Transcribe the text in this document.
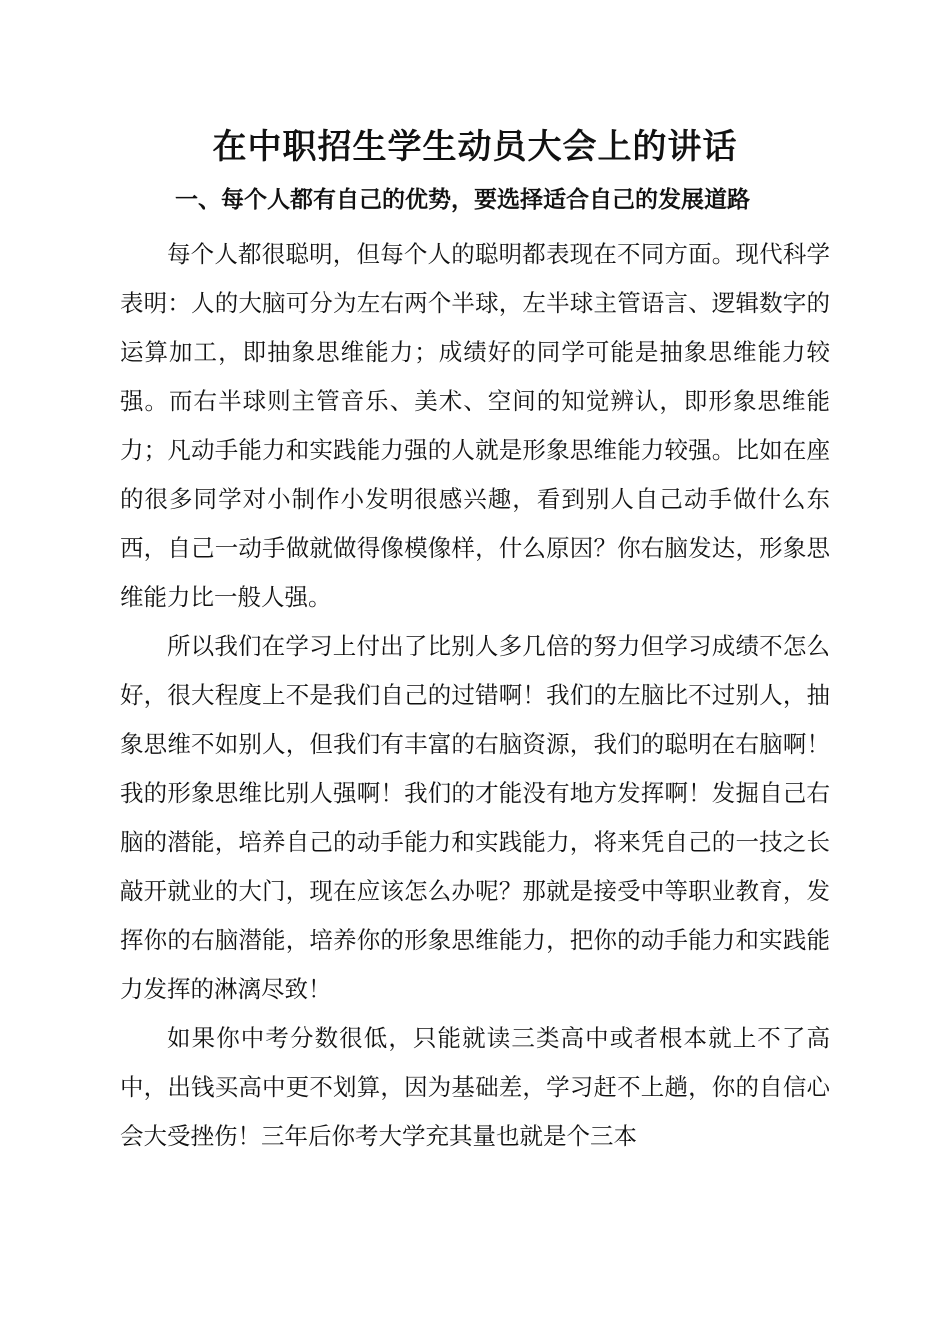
在中职招生学生动员大会上的讲话
一、每个人都有自己的优势，要选择适合自己的发展道路

每个人都很聪明，但每个人的聪明都表现在不同方面。现代科学表明：人的大脑可分为左右两个半球，左半球主管语言、逻辑数字的运算加工，即抽象思维能力；成绩好的同学可能是抽象思维能力较强。而右半球则主管音乐、美术、空间的知觉辨认，即形象思维能力；凡动手能力和实践能力强的人就是形象思维能力较强。比如在座的很多同学对小制作小发明很感兴趣，看到别人自己动手做什么东西，自己一动手做就做得像模像样，什么原因？你右脑发达，形象思维能力比一般人强。

所以我们在学习上付出了比别人多几倍的努力但学习成绩不怎么好，很大程度上不是我们自己的过错啊！我们的左脑比不过别人，抽象思维不如别人，但我们有丰富的右脑资源，我们的聪明在右脑啊！我的形象思维比别人强啊！我们的才能没有地方发挥啊！发掘自己右脑的潜能，培养自己的动手能力和实践能力，将来凭自己的一技之长敲开就业的大门，现在应该怎么办呢？那就是接受中等职业教育，发挥你的右脑潜能，培养你的形象思维能力，把你的动手能力和实践能力发挥的淋漓尽致！

如果你中考分数很低，只能就读三类高中或者根本就上不了高中，出钱买高中更不划算，因为基础差，学习赶不上趟，你的自信心会大受挫伤！三年后你考大学充其量也就是个三本
